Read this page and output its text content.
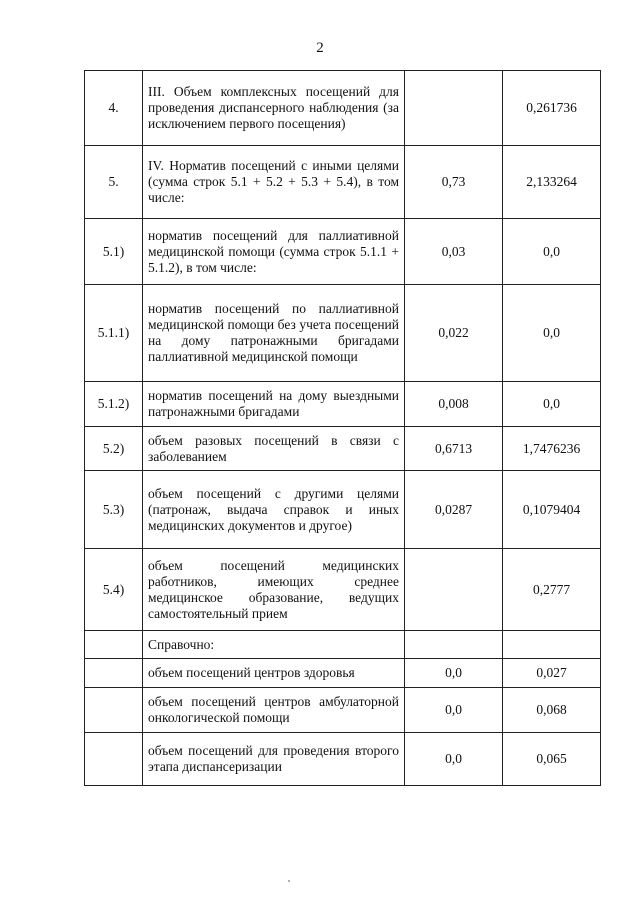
2
4.	III. Объем комплексных посещений для проведения диспансерного наблюдения (за исключением первого посещения)		0,261736
5.	IV. Норматив посещений с иными целями (сумма строк 5.1 + 5.2 + 5.3 + 5.4), в том числе:	0,73	2,133264
5.1)	норматив посещений для паллиативной медицинской помощи (сумма строк 5.1.1 + 5.1.2), в том числе:	0,03	0,0
5.1.1)	норматив посещений по паллиативной медицинской помощи без учета посещений на дому патронажными бригадами паллиативной медицинской помощи	0,022	0,0
5.1.2)	норматив посещений на дому выездными патронажными бригадами	0,008	0,0
5.2)	объем разовых посещений в связи с заболеванием	0,6713	1,7476236
5.3)	объем посещений с другими целями (патронаж, выдача справок и иных медицинских документов и другое)	0,0287	0,1079404
5.4)	объем посещений медицинских работников, имеющих среднее медицинское образование, ведущих самостоятельный прием		0,2777
	Справочно:		
	объем посещений центров здоровья	0,0	0,027
	объем посещений центров амбулаторной онкологической помощи	0,0	0,068
	объем посещений для проведения второго этапа диспансеризации	0,0	0,065
